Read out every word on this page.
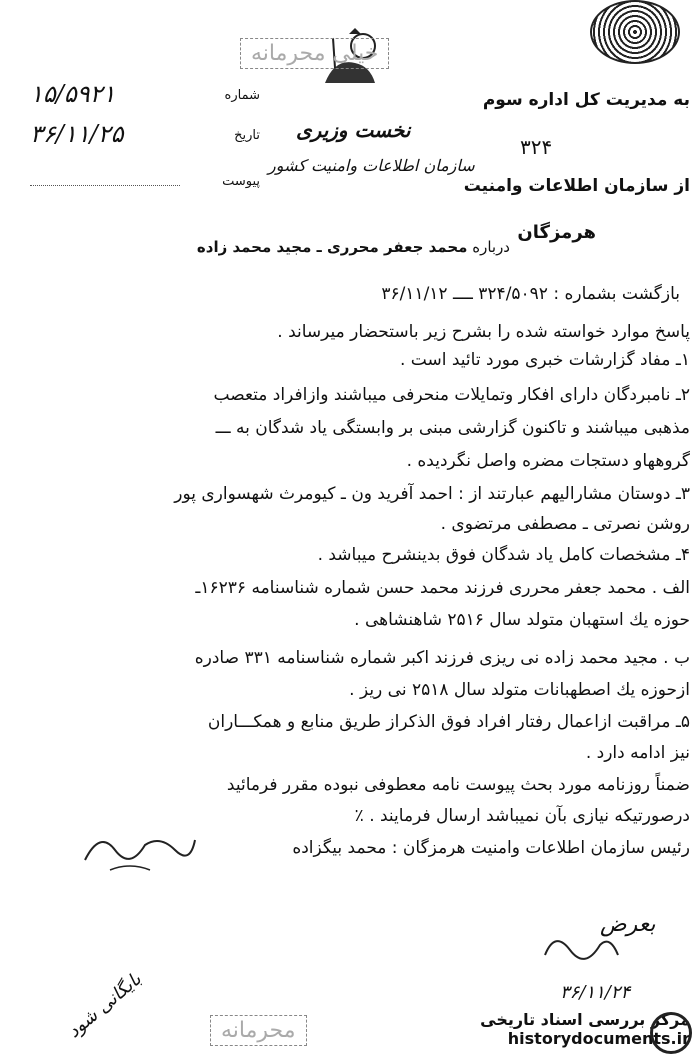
خیلی محرمانه
نخست وزیری
سازمان اطلاعات وامنیت کشور
۱۵/۵۹۲۱	شماره
۳۶/۱۱/۲۵	تاریخ
پیوست
به مدیریت کل اداره سوم
۳۲۴
از سازمان اطلاعات وامنیت
هرمزگان
درباره محمد جعفر محرری ـ مجید محمد زاده
بازگشت بشماره : ۳۲۴/۵۰۹۲ ــــ ۳۶/۱۱/۱۲
پاسخ موارد خواسته شده را بشرح زیر باستحضار میرساند .
۱ـ مفاد گزارشات خبری مورد تائید است .
۲ـ نامبردگان دارای افکار وتمایلات منحرفی میباشند وازافراد متعصب
مذهبی میباشند و تاکنون گزارشی مبنی بر وابستگی یاد شدگان به ـــ
گروههاو دستجات مضره واصل نگردیده .
۳ـ دوستان مشارالیهم عبارتند از : احمد آفرید ون ـ کیومرث شهسواری پور
روشن نصرتی ـ مصطفی مرتضوی .
۴ـ مشخصات کامل یاد شدگان فوق بدینشرح میباشد .
الف . محمد جعفر محرری فرزند محمد حسن شماره شناسنامه ۱۶۲۳۶ـ
حوزه یك استهبان متولد سال ۲۵۱۶ شاهنشاهی .
ب . مجید محمد زاده نی ریزی فرزند اکبر شماره شناسنامه ۳۳۱ صادره
ازحوزه یك اصطهبانات متولد سال ۲۵۱۸ نی ریز .
۵ـ مراقبت ازاعمال رفتار افراد فوق الذکراز طریق منابع و همکـــاران
نیز ادامه دارد .
ضمناً روزنامه مورد بحث پیوست نامه معطوفی نبوده مقرر فرمائید
درصورتیکه نیازی بآن نمیباشد ارسال فرمایند . ٪
رئیس سازمان اطلاعات وامنیت هرمزگان : محمد بیگزاده
بعرض
۳۶/۱۱/۲۴
بایگانی شود	محرمانه	مرکز بررسی اسناد تاریخی
historydocuments.ir
